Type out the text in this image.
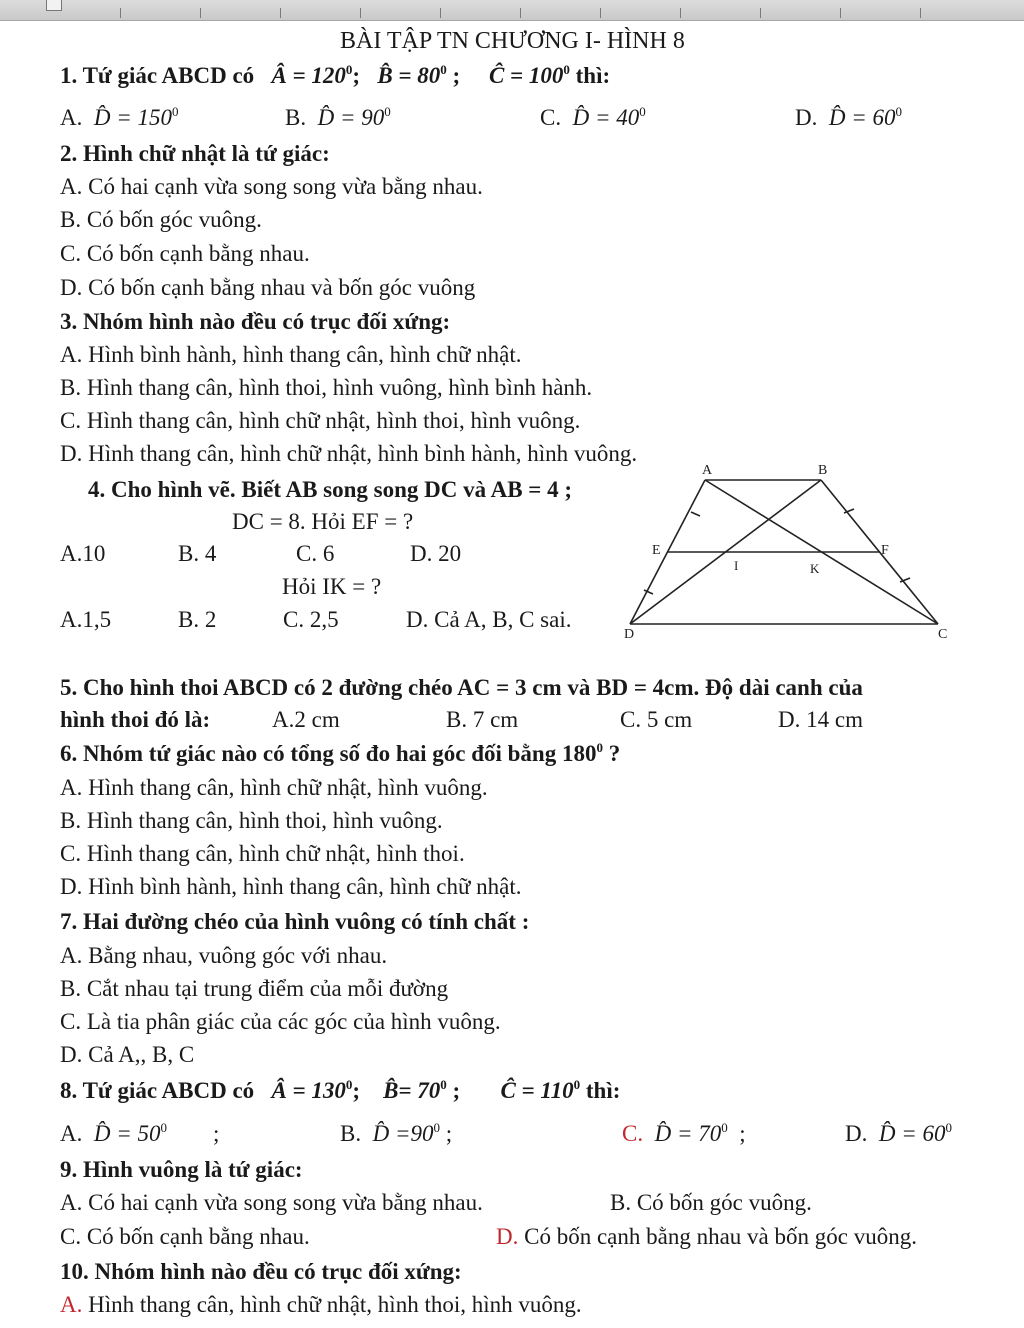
BÀI TẬP TN CHƯƠNG I- HÌNH 8
1. Tứ giác ABCD có Â = $120^0$; B̂ = $80^0$ ; Ĉ = $100^0$ thì:
A. D̂ = $150^0$	B. D̂ = $90^0$	C. D̂ = $40^0$	D. D̂ = $60^0$
2. Hình chữ nhật là tứ giác:
A. Có hai cạnh vừa song song vừa bằng nhau.
B. Có bốn góc vuông.
C. Có bốn cạnh bằng nhau.
D. Có bốn cạnh bằng nhau và bốn góc vuông
3. Nhóm hình nào đều có trục đối xứng:
A. Hình bình hành, hình thang cân, hình chữ nhật.
B. Hình thang cân, hình thoi, hình vuông, hình bình hành.
C. Hình thang cân, hình chữ nhật, hình thoi, hình vuông.
D. Hình thang cân, hình chữ nhật, hình bình hành, hình vuông.
4. Cho hình vẽ. Biết AB song song DC và AB = 4 ;
DC = 8. Hỏi EF = ?
A.10	B. 4	C. 6	D. 20
Hỏi IK = ?
A.1,5	B. 2	C. 2,5	D. Cả A, B, C sai.
A	B
C
D
E	F
I	K
5. Cho hình thoi ABCD có 2 đường chéo AC = 3 cm và BD = 4cm. Độ dài canh của
hình thoi đó là:	A.2 cm	B. 7 cm	C. 5 cm	D. 14 cm
6. Nhóm tứ giác nào có tổng số đo hai góc đối bằng $180^0$ ?
A. Hình thang cân, hình chữ nhật, hình vuông.
B. Hình thang cân, hình thoi, hình vuông.
C. Hình thang cân, hình chữ nhật, hình thoi.
D. Hình bình hành, hình thang cân, hình chữ nhật.
7. Hai đường chéo của hình vuông có tính chất :
A. Bằng nhau, vuông góc với nhau.
B. Cắt nhau tại trung điểm của mỗi đường
C. Là tia phân giác của các góc của hình vuông.
D. Cả A,, B, C
8. Tứ giác ABCD có Â = $130^0$; B̂= $70^0$ ; Ĉ = $110^0$ thì:
A. D̂ = $50^0$ ;	B. D̂ $=90^0$ ;	C. D̂ = $70^0$ ;	D. D̂ = $60^0$
9. Hình vuông là tứ giác:
A. Có hai cạnh vừa song song vừa bằng nhau.	B. Có bốn góc vuông.
C. Có bốn cạnh bằng nhau.	D. Có bốn cạnh bằng nhau và bốn góc vuông.
10. Nhóm hình nào đều có trục đối xứng:
A. Hình thang cân, hình chữ nhật, hình thoi, hình vuông.
